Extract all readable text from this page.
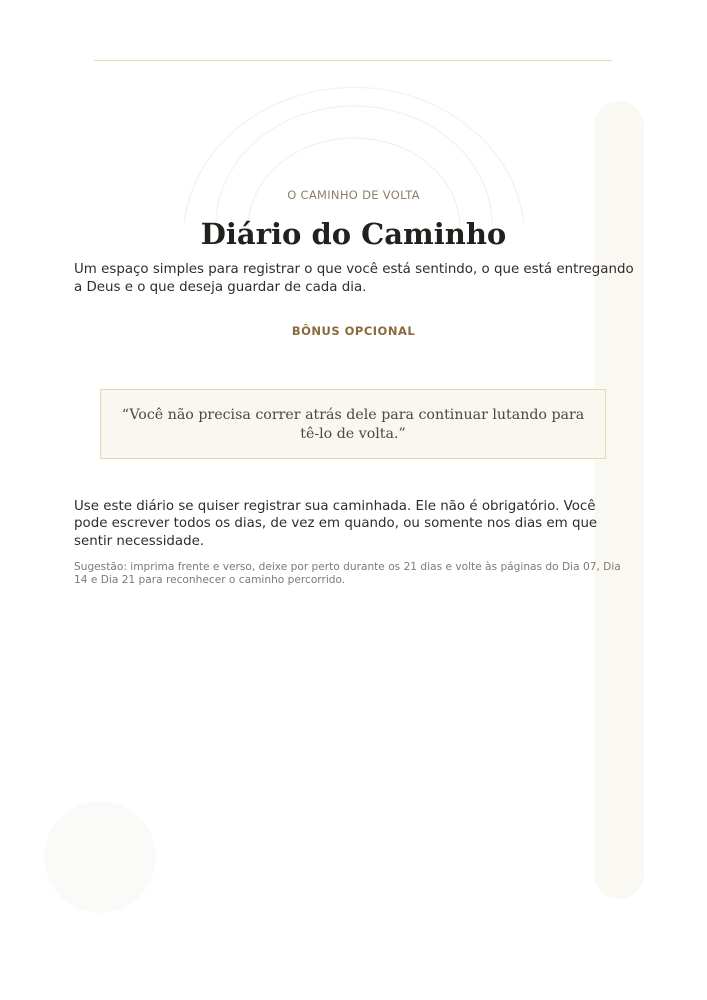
O CAMINHO DE VOLTA
Diário do Caminho
Um espaço simples para registrar o que você está sentindo, o que está entregando a Deus e o que deseja guardar de cada dia.
BÔNUS OPCIONAL
“Você não precisa correr atrás dele para continuar lutando para tê-lo de volta.”
Use este diário se quiser registrar sua caminhada. Ele não é obrigatório. Você pode escrever todos os dias, de vez em quando, ou somente nos dias em que sentir necessidade.
Sugestão: imprima frente e verso, deixe por perto durante os 21 dias e volte às páginas do Dia 07, Dia 14 e Dia 21 para reconhecer o caminho percorrido.
